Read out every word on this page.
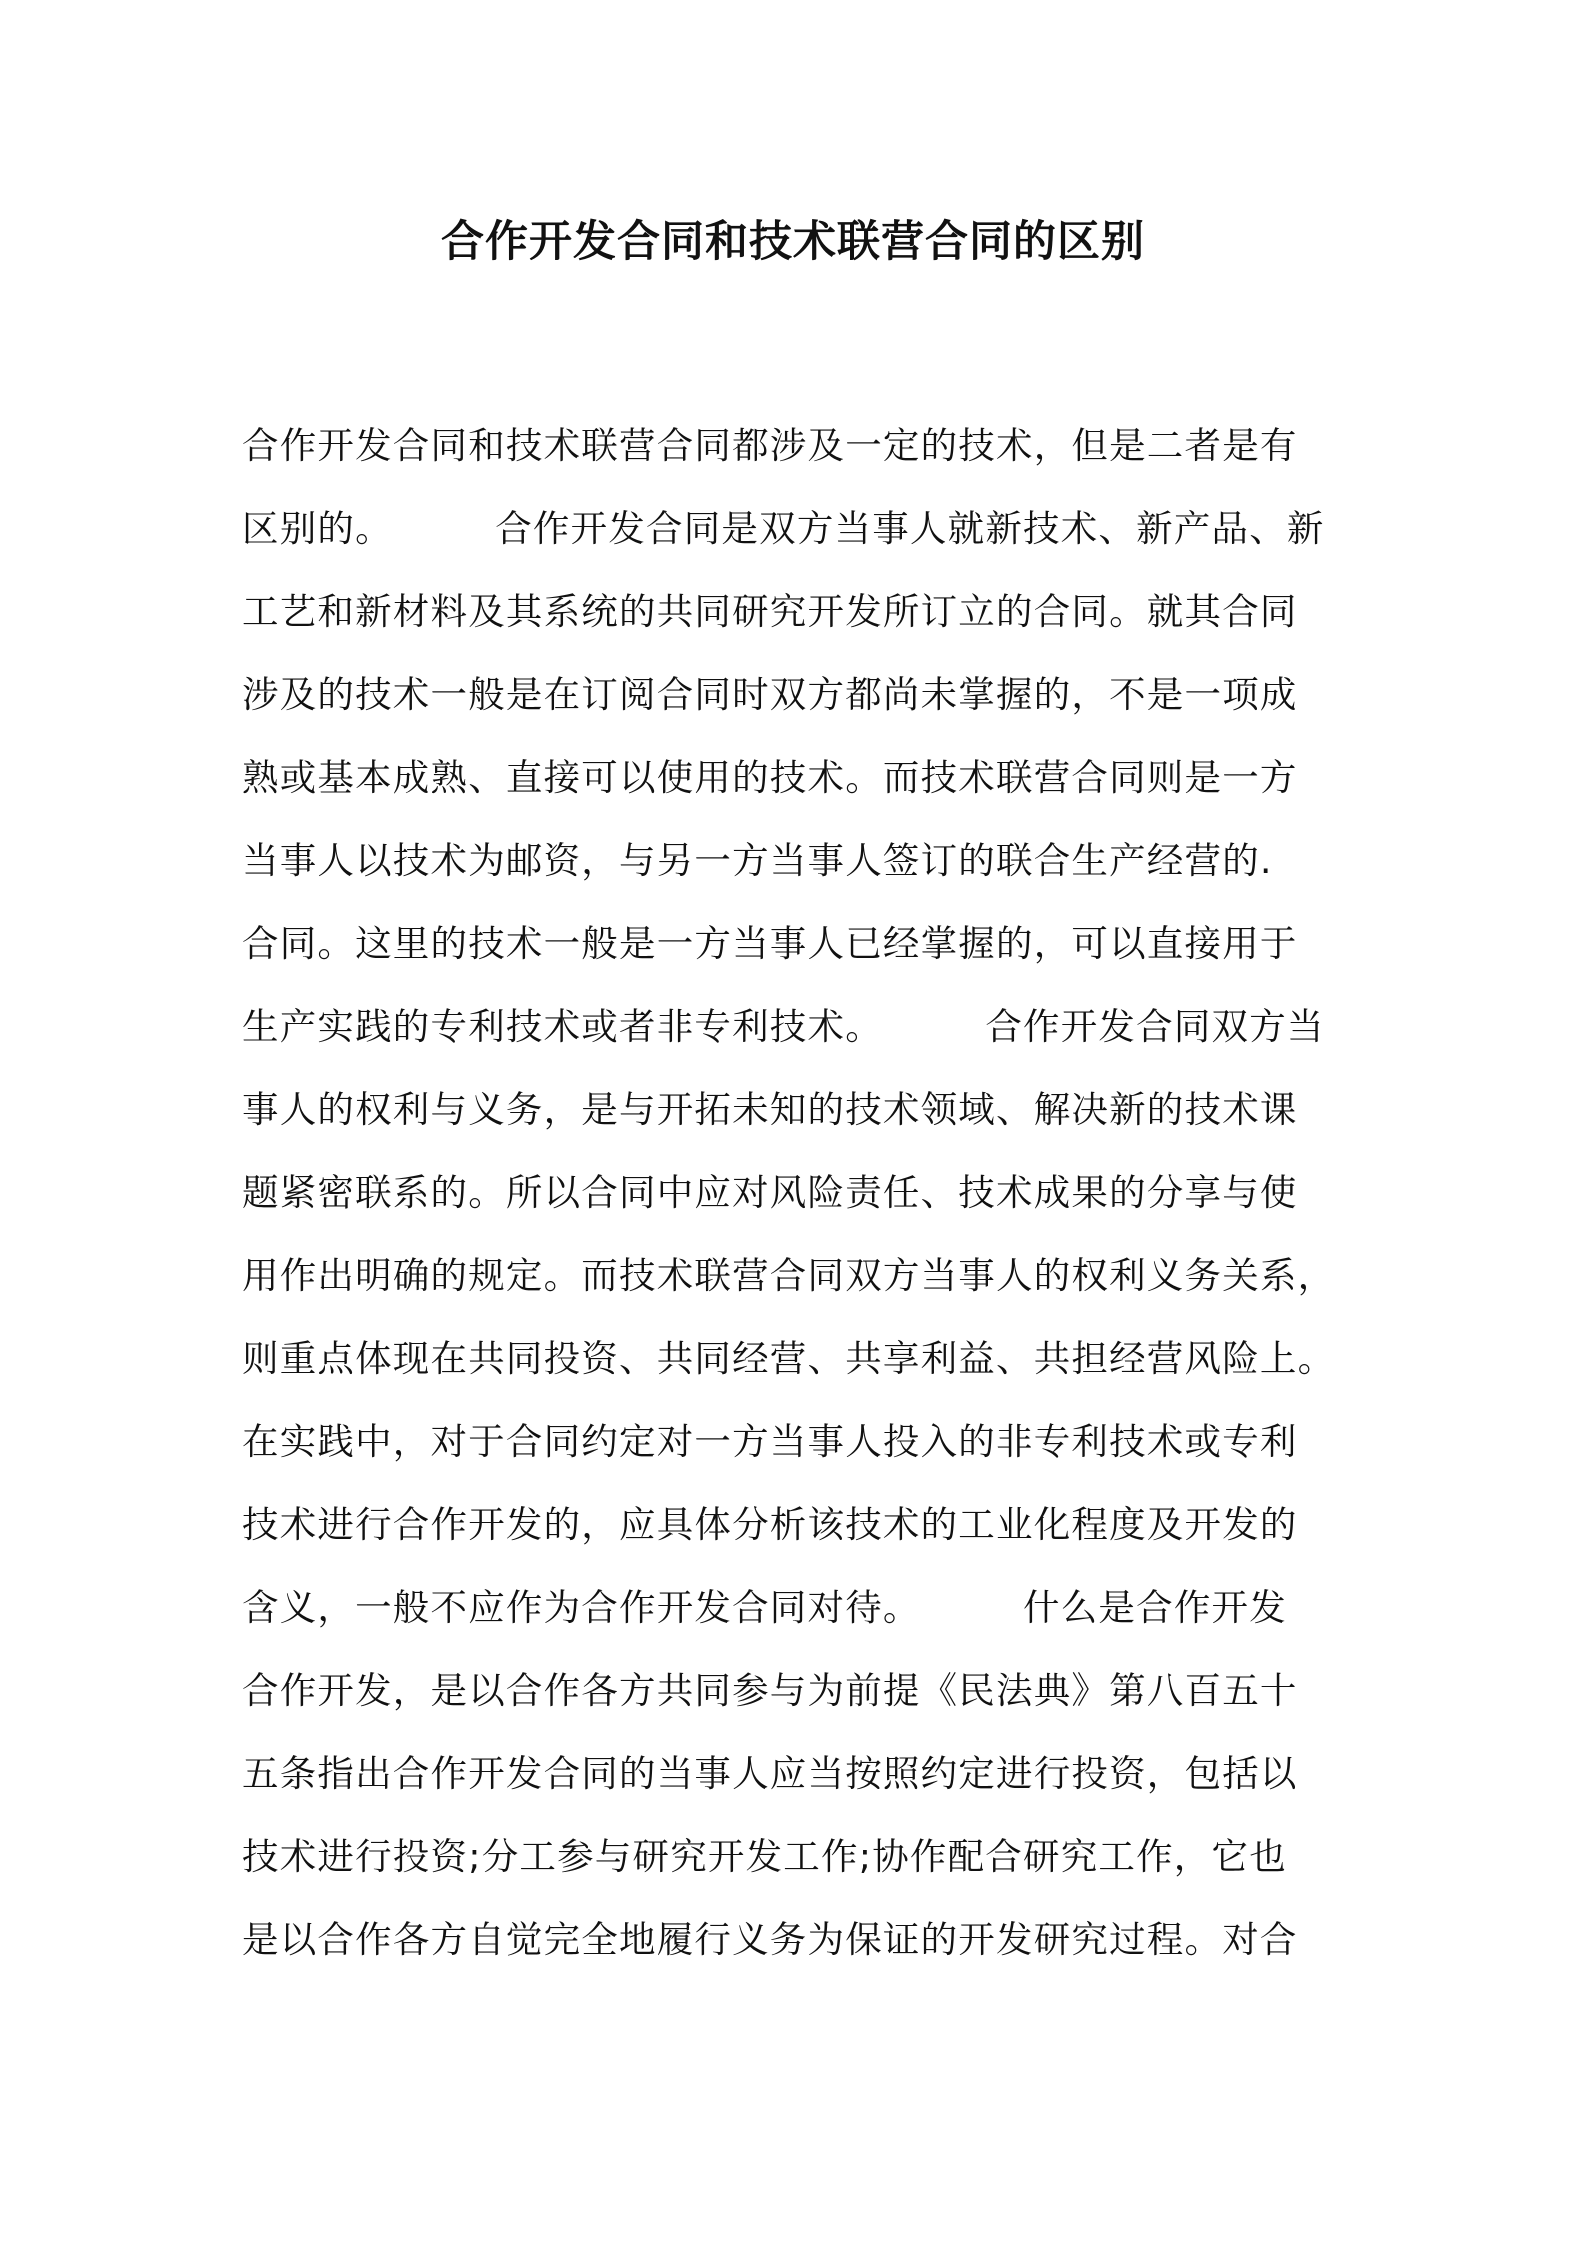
合作开发合同和技术联营合同的区别
合作开发合同和技术联营合同都涉及一定的技术，但是二者是有
区别的。        合作开发合同是双方当事人就新技术、新产品、新
工艺和新材料及其系统的共同研究开发所订立的合同。就其合同
涉及的技术一般是在订阅合同时双方都尚未掌握的，不是一项成
熟或基本成熟、直接可以使用的技术。而技术联营合同则是一方
当事人以技术为邮资，与另一方当事人签订的联合生产经营的.
合同。这里的技术一般是一方当事人已经掌握的，可以直接用于
生产实践的专利技术或者非专利技术。        合作开发合同双方当
事人的权利与义务，是与开拓未知的技术领域、解决新的技术课
题紧密联系的。所以合同中应对风险责任、技术成果的分享与使
用作出明确的规定。而技术联营合同双方当事人的权利义务关系，
则重点体现在共同投资、共同经营、共享利益、共担经营风险上。
在实践中，对于合同约定对一方当事人投入的非专利技术或专利
技术进行合作开发的，应具体分析该技术的工业化程度及开发的
含义，一般不应作为合作开发合同对待。        什么是合作开发
合作开发，是以合作各方共同参与为前提《民法典》第八百五十
五条指出合作开发合同的当事人应当按照约定进行投资，包括以
技术进行投资;分工参与研究开发工作;协作配合研究工作，它也
是以合作各方自觉完全地履行义务为保证的开发研究过程。对合
